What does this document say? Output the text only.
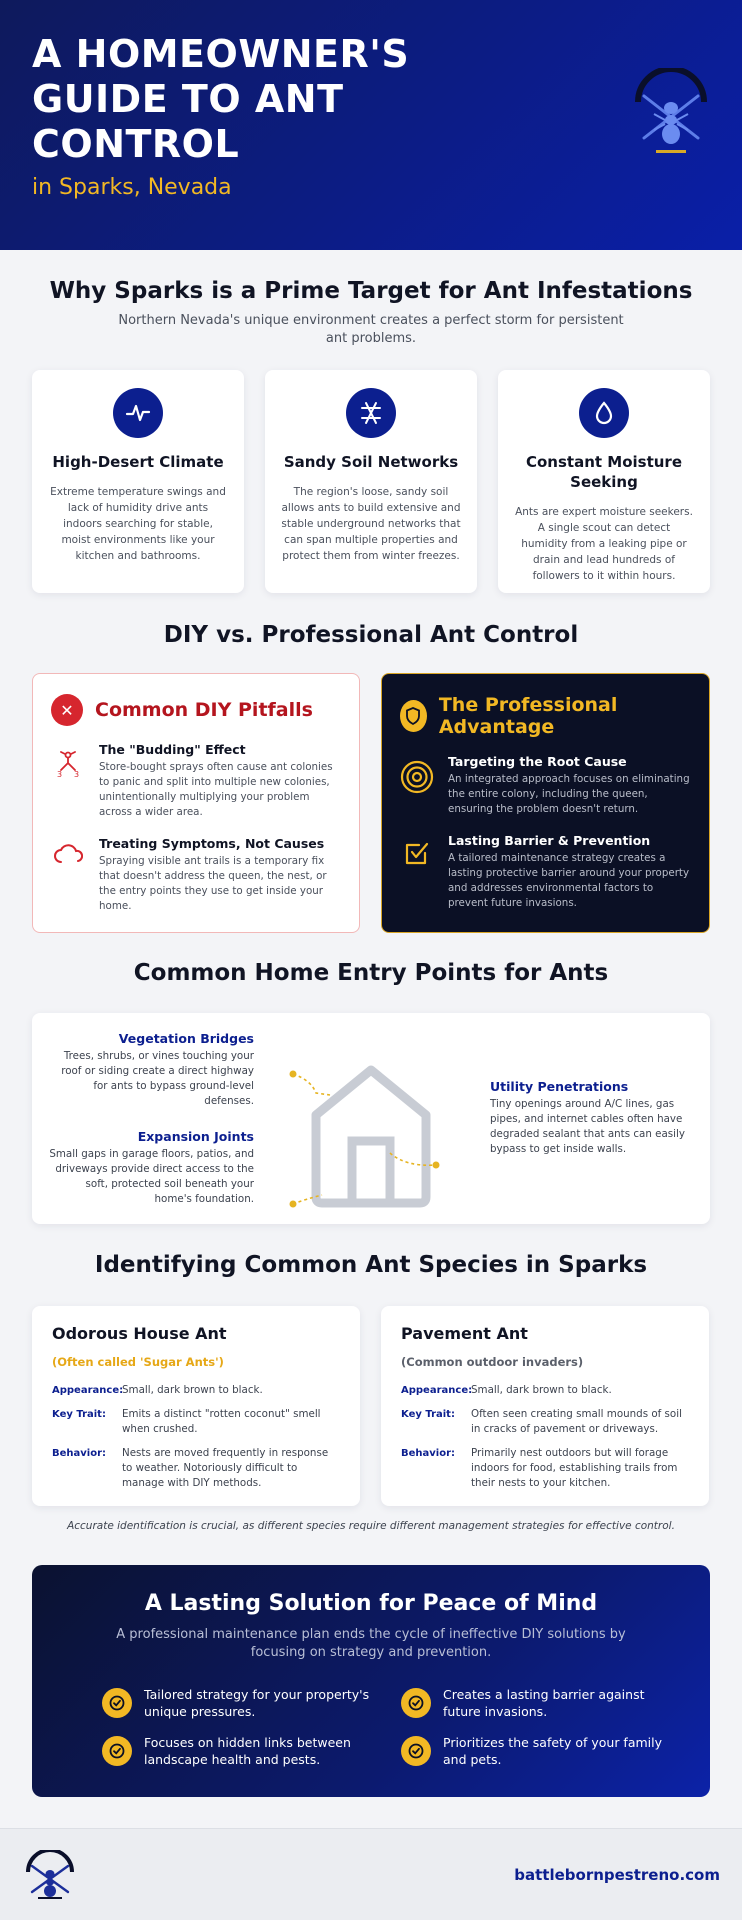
A HOMEOWNER'S GUIDE TO ANT CONTROL
in Sparks, Nevada
Why Sparks is a Prime Target for Ant Infestations

Northern Nevada's unique environment creates a perfect storm for persistent ant problems.

High-Desert Climate

Extreme temperature swings and lack of humidity drive ants indoors searching for stable, moist environments like your kitchen and bathrooms.

Sandy Soil Networks

The region's loose, sandy soil allows ants to build extensive and stable underground networks that can span multiple properties and protect them from winter freezes.

Constant Moisture Seeking

Ants are expert moisture seekers. A single scout can detect humidity from a leaking pipe or drain and lead hundreds of followers to it within hours.

DIY vs. Professional Ant Control
✕	Common DIY Pitfalls
3 3
The "Budding" Effect

Store-bought sprays often cause ant colonies to panic and split into multiple new colonies, unintentionally multiplying your problem across a wider area.

Treating Symptoms, Not Causes

Spraying visible ant trails is a temporary fix that doesn't address the queen, the nest, or the entry points they use to get inside your home.

The Professional Advantage
Targeting the Root Cause

An integrated approach focuses on eliminating the entire colony, including the queen, ensuring the problem doesn't return.

Lasting Barrier & Prevention

A tailored maintenance strategy creates a lasting protective barrier around your property and addresses environmental factors to prevent future invasions.

Common Home Entry Points for Ants
Vegetation Bridges

Trees, shrubs, or vines touching your roof or siding create a direct highway for ants to bypass ground-level defenses.

Expansion Joints

Small gaps in garage floors, patios, and driveways provide direct access to the soft, protected soil beneath your home's foundation.

Utility Penetrations

Tiny openings around A/C lines, gas pipes, and internet cables often have degraded sealant that ants can easily bypass to get inside walls.

Identifying Common Ant Species in Sparks
Odorous House Ant
(Often called 'Sugar Ants')
Appearance:
Small, dark brown to black.
Key Trait:	Emits a distinct "rotten coconut" smell when crushed.
Behavior:	Nests are moved frequently in response to weather. Notoriously difficult to manage with DIY methods.
Pavement Ant
(Common outdoor invaders)
Appearance:
Small, dark brown to black.
Key Trait:	Often seen creating small mounds of soil in cracks of pavement or driveways.
Behavior:	Primarily nest outdoors but will forage indoors for food, establishing trails from their nests to your kitchen.

Accurate identification is crucial, as different species require different management strategies for effective control.

A Lasting Solution for Peace of Mind

A professional maintenance plan ends the cycle of ineffective DIY solutions by focusing on strategy and prevention.

Tailored strategy for your property's unique pressures.
Creates a lasting barrier against future invasions.
Focuses on hidden links between landscape health and pests.
Prioritizes the safety of your family and pets.
battlebornpestreno.com
